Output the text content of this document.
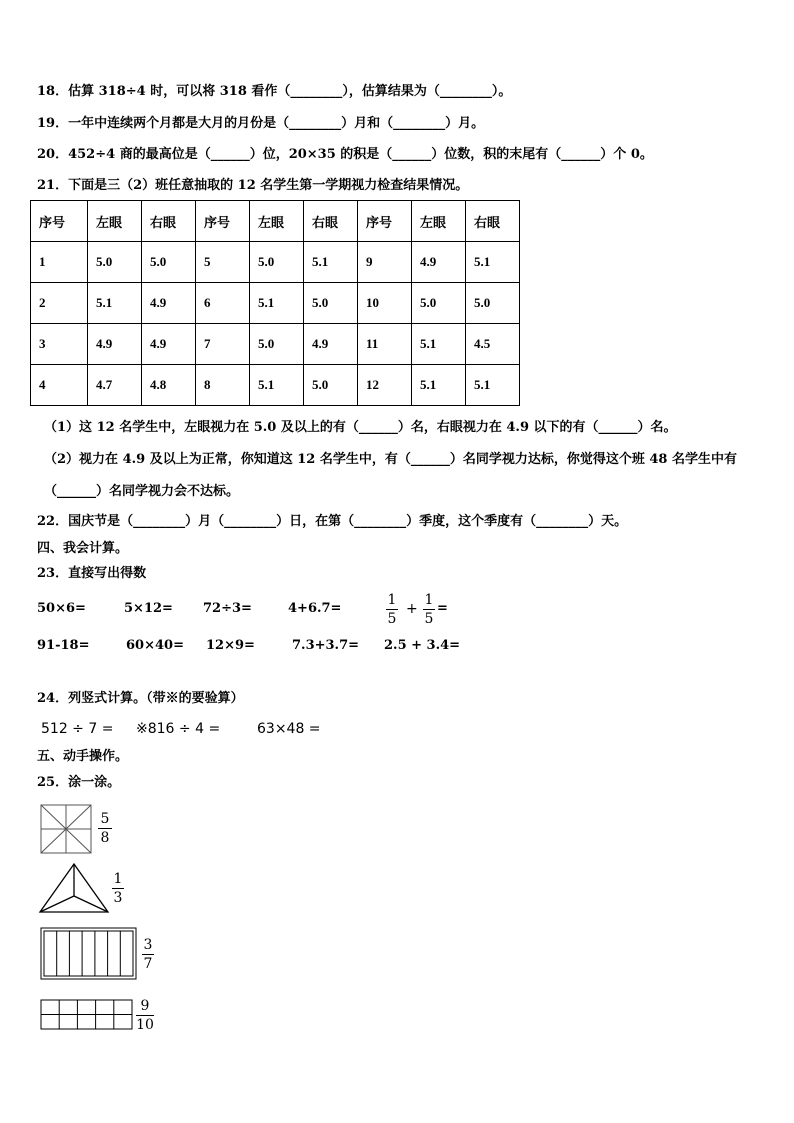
18．估算 318÷4 时，可以将 318 看作（________），估算结果为（________）。
19．一年中连续两个月都是大月的月份是（________）月和（________）月。
20．452÷4 商的最高位是（______）位，20×35 的积是（______）位数，积的末尾有（______）个 0。
21．下面是三（2）班任意抽取的 12 名学生第一学期视力检查结果情况。
序号	左眼	右眼	序号	左眼	右眼	序号	左眼	右眼
1	5.0	5.0	5	5.0	5.1	9	4.9	5.1
2	5.1	4.9	6	5.1	5.0	10	5.0	5.0
3	4.9	4.9	7	5.0	4.9	11	5.1	4.5
4	4.7	4.8	8	5.1	5.0	12	5.1	5.1
（1）这 12 名学生中，左眼视力在 5.0 及以上的有（______）名，右眼视力在 4.9 以下的有（______）名。
（2）视力在 4.9 及以上为正常，你知道这 12 名学生中，有（______）名同学视力达标，你觉得这个班 48 名学生中有
（______）名同学视力会不达标。
22．国庆节是（________）月（________）日，在第（________）季度，这个季度有（________）天。
四、我会计算。
23．直接写出得数
50×6=	5×12= 72÷3=	4+6.7=
1
5
+
1
5
=
91-18=	60×40= 12×9=	7.3+3.7= 2.5 + 3.4=
24．列竖式计算。（带※的要验算）
512 ÷ 7 = ※816 ÷ 4 =	63×48 =
五、动手操作。
25．涂一涂。
5
8
1
3
3
7
9
10
